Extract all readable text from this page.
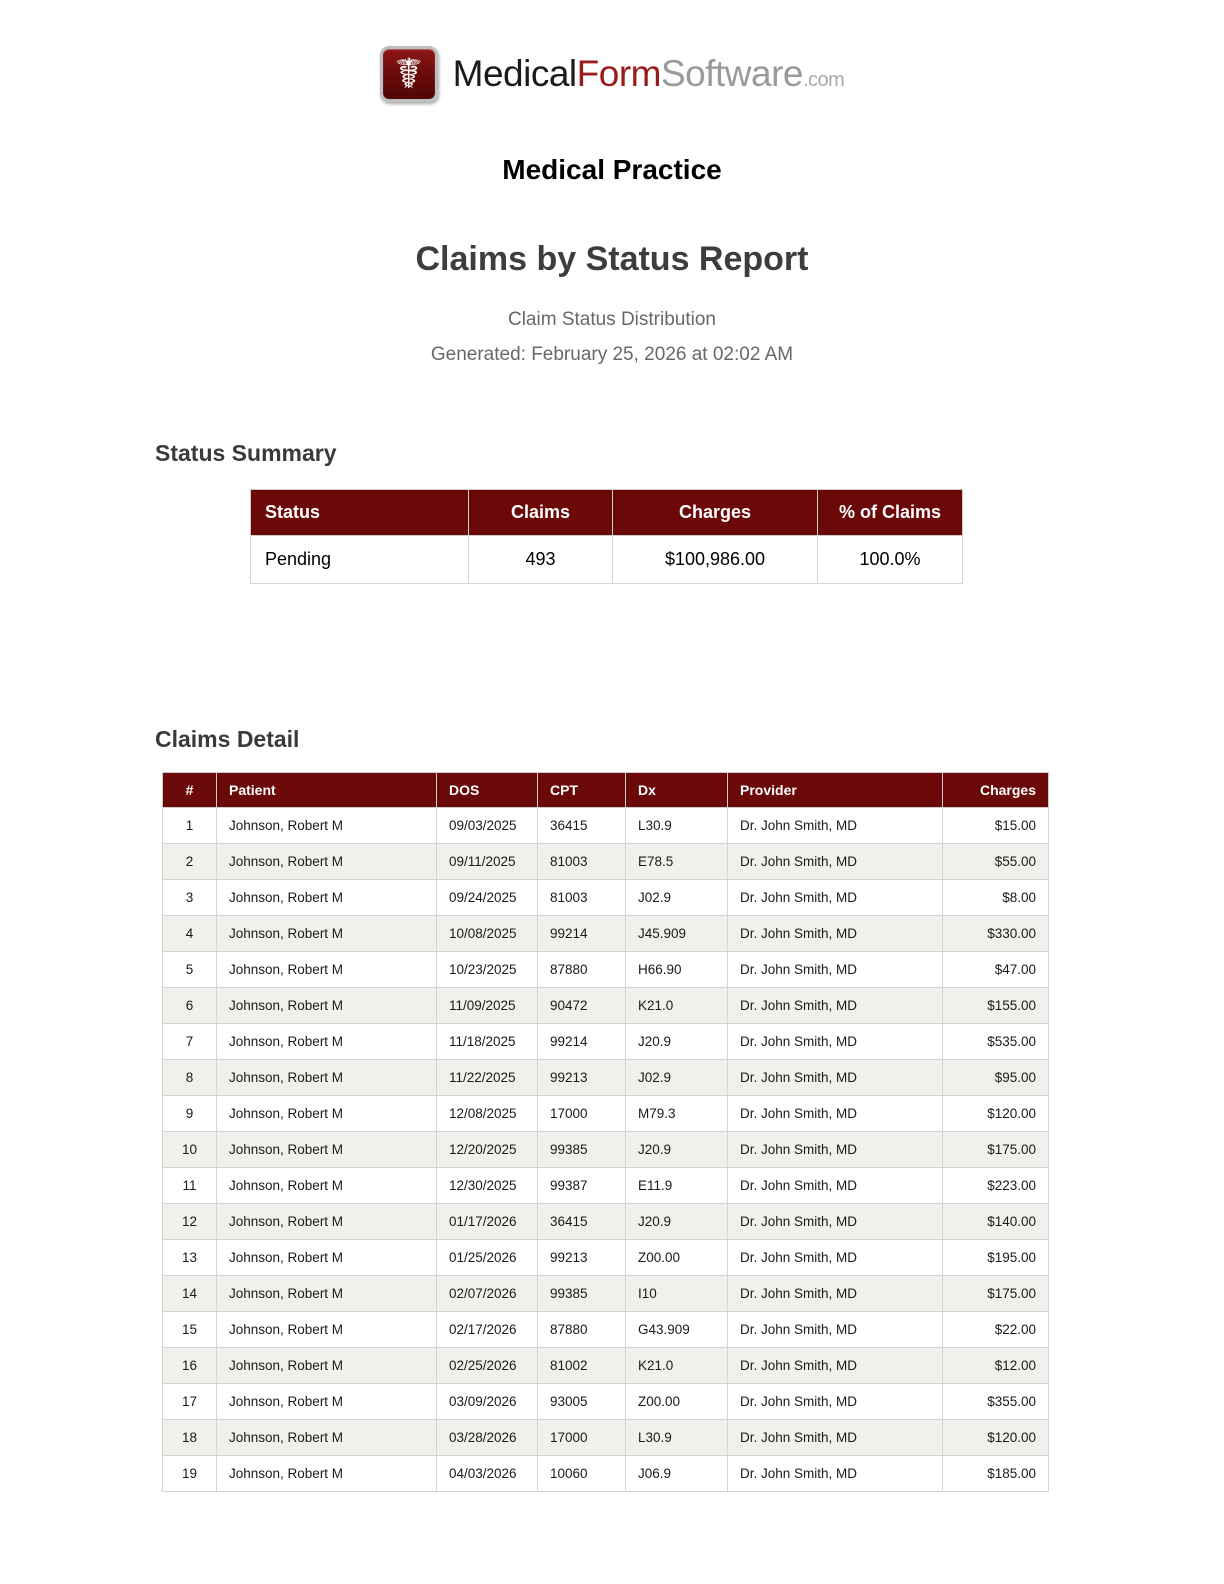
☤ MedicalFormSoftware.com
Medical Practice
Claims by Status Report
Claim Status Distribution
Generated: February 25, 2026 at 02:02 AM
Status Summary
Status	Claims	Charges	% of Claims
Pending	493	$100,986.00	100.0%
Claims Detail
#	Patient	DOS	CPT	Dx	Provider	Charges
1	Johnson, Robert M	09/03/2025	36415	L30.9	Dr. John Smith, MD	$15.00
2	Johnson, Robert M	09/11/2025	81003	E78.5	Dr. John Smith, MD	$55.00
3	Johnson, Robert M	09/24/2025	81003	J02.9	Dr. John Smith, MD	$8.00
4	Johnson, Robert M	10/08/2025	99214	J45.909	Dr. John Smith, MD	$330.00
5	Johnson, Robert M	10/23/2025	87880	H66.90	Dr. John Smith, MD	$47.00
6	Johnson, Robert M	11/09/2025	90472	K21.0	Dr. John Smith, MD	$155.00
7	Johnson, Robert M	11/18/2025	99214	J20.9	Dr. John Smith, MD	$535.00
8	Johnson, Robert M	11/22/2025	99213	J02.9	Dr. John Smith, MD	$95.00
9	Johnson, Robert M	12/08/2025	17000	M79.3	Dr. John Smith, MD	$120.00
10	Johnson, Robert M	12/20/2025	99385	J20.9	Dr. John Smith, MD	$175.00
11	Johnson, Robert M	12/30/2025	99387	E11.9	Dr. John Smith, MD	$223.00
12	Johnson, Robert M	01/17/2026	36415	J20.9	Dr. John Smith, MD	$140.00
13	Johnson, Robert M	01/25/2026	99213	Z00.00	Dr. John Smith, MD	$195.00
14	Johnson, Robert M	02/07/2026	99385	I10	Dr. John Smith, MD	$175.00
15	Johnson, Robert M	02/17/2026	87880	G43.909	Dr. John Smith, MD	$22.00
16	Johnson, Robert M	02/25/2026	81002	K21.0	Dr. John Smith, MD	$12.00
17	Johnson, Robert M	03/09/2026	93005	Z00.00	Dr. John Smith, MD	$355.00
18	Johnson, Robert M	03/28/2026	17000	L30.9	Dr. John Smith, MD	$120.00
19	Johnson, Robert M	04/03/2026	10060	J06.9	Dr. John Smith, MD	$185.00
